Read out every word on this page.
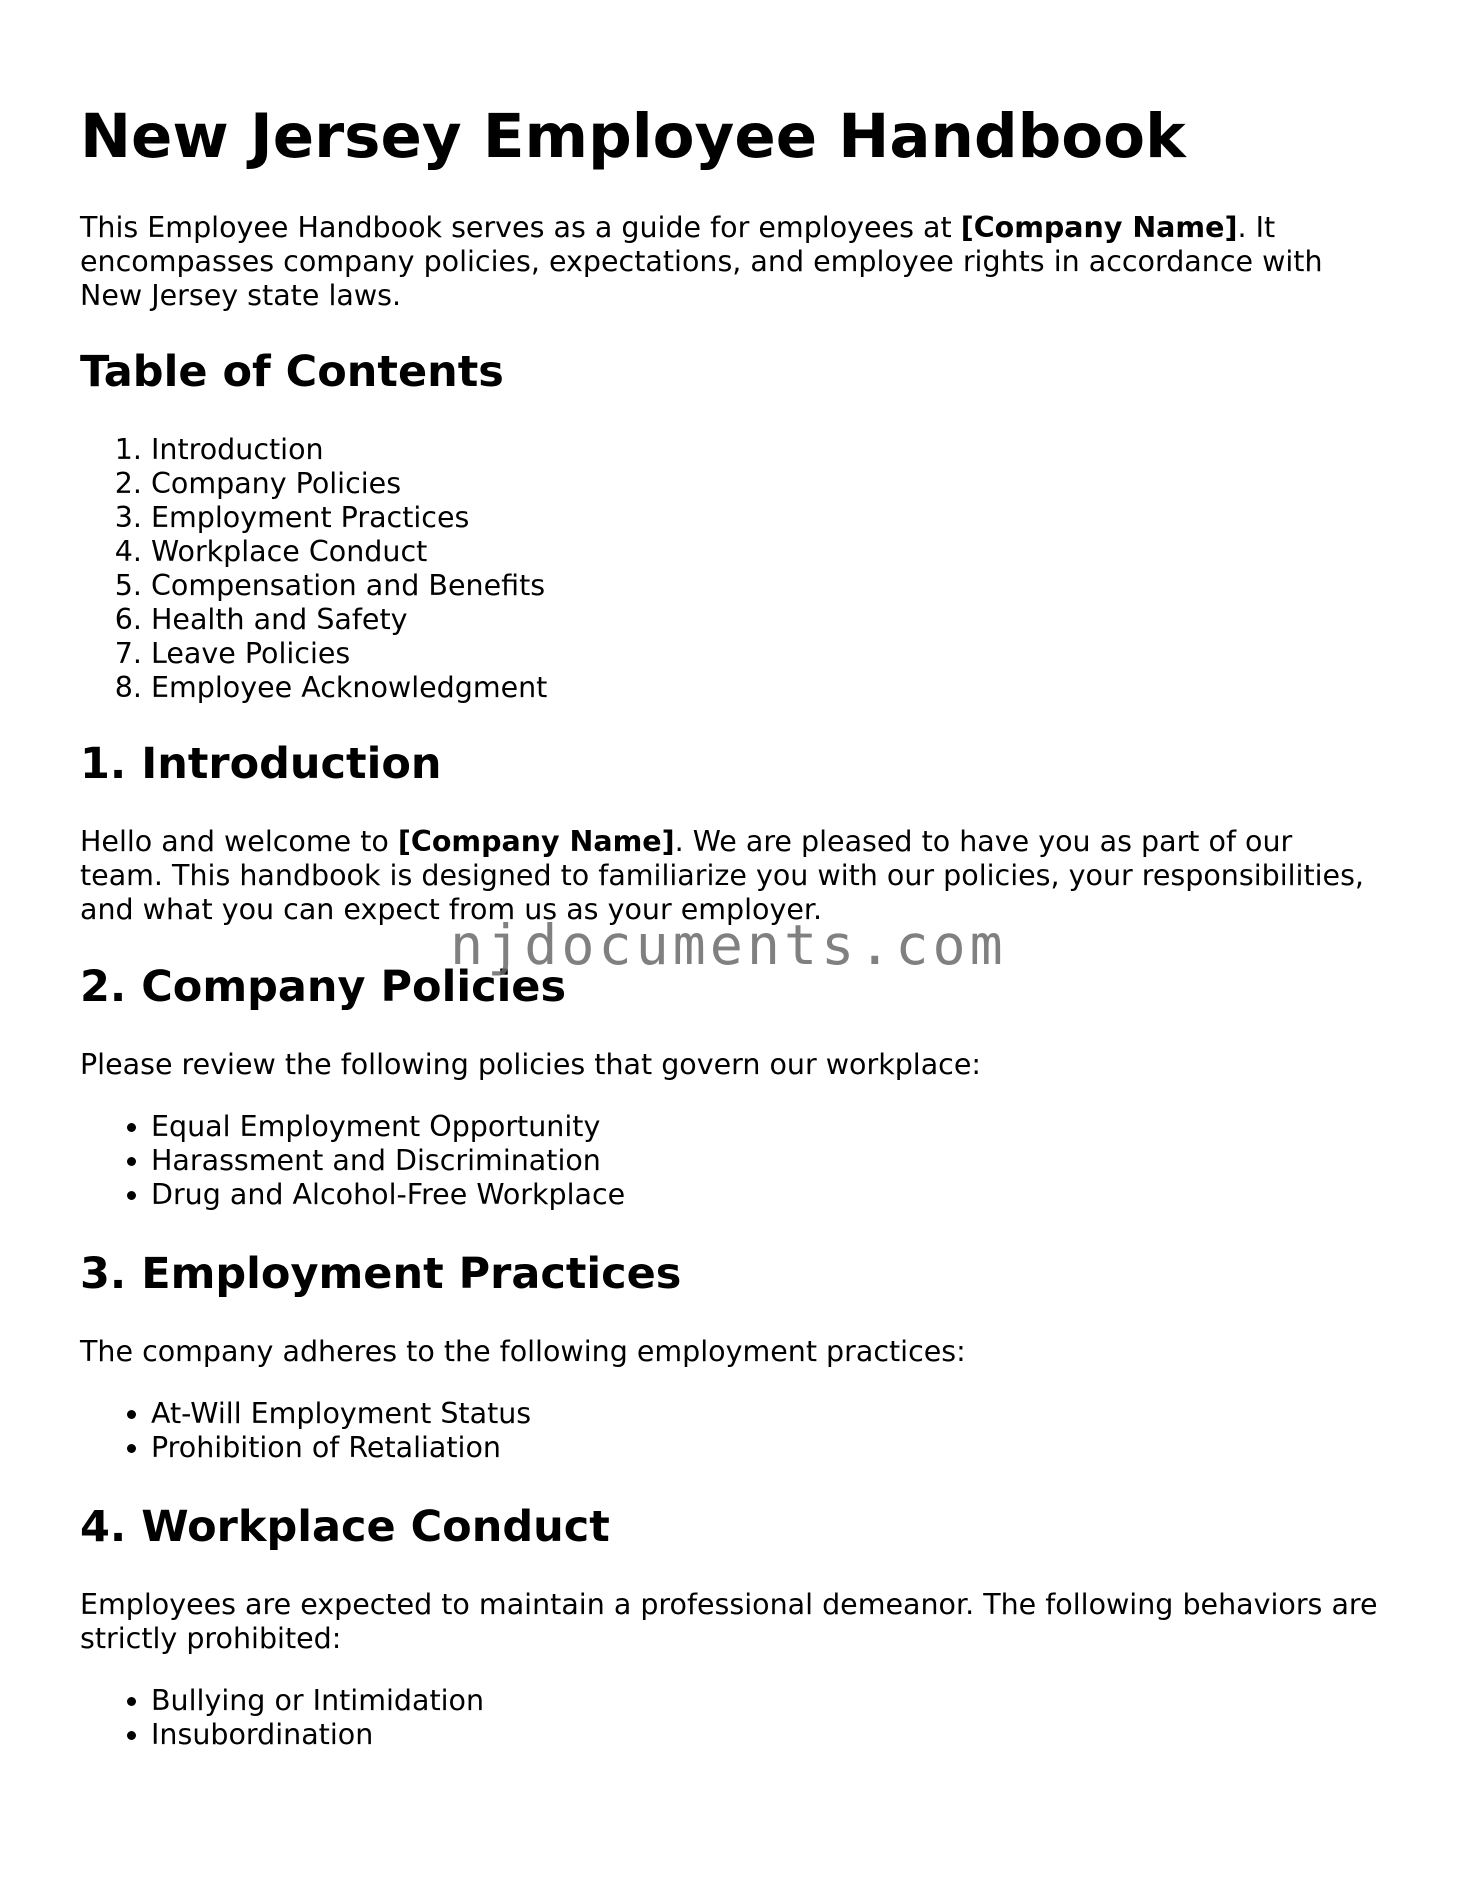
New Jersey Employee Handbook

This Employee Handbook serves as a guide for employees at [Company Name]. It encompasses company policies, expectations, and employee rights in accordance with New Jersey state laws.

Table of Contents
1. Introduction
2. Company Policies
3. Employment Practices
4. Workplace Conduct
5. Compensation and Benefits
6. Health and Safety
7. Leave Policies
8. Employee Acknowledgment
1. Introduction

Hello and welcome to [Company Name]. We are pleased to have you as part of our team. This handbook is designed to familiarize you with our policies, your responsibilities, and what you can expect from us as your employer.

2. Company Policies

Please review the following policies that govern our workplace:

• Equal Employment Opportunity
• Harassment and Discrimination
• Drug and Alcohol-Free Workplace
3. Employment Practices

The company adheres to the following employment practices:

• At-Will Employment Status
• Prohibition of Retaliation
4. Workplace Conduct

Employees are expected to maintain a professional demeanor. The following behaviors are strictly prohibited:

• Bullying or Intimidation
• Insubordination
njdocuments.com
